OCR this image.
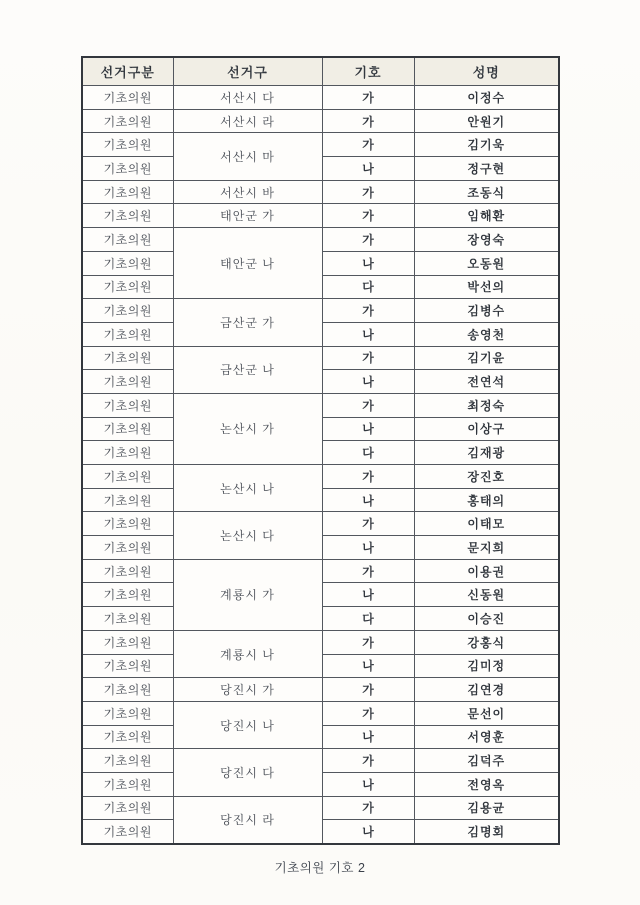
선거구분	선거구	기호	성명
기초의원	서산시 다	가	이정수
기초의원	서산시 라	가	안원기
기초의원	서산시 마	가	김기욱
기초의원		나	정구현
기초의원	서산시 바	가	조동식
기초의원	태안군 가	가	임해환
기초의원	태안군 나	가	장영숙
기초의원		나	오동원
기초의원		다	박선의
기초의원	금산군 가	가	김병수
기초의원		나	송영천
기초의원	금산군 나	가	김기윤
기초의원		나	전연석
기초의원	논산시 가	가	최정숙
기초의원		나	이상구
기초의원		다	김재광
기초의원	논산시 나	가	장진호
기초의원		나	홍태의
기초의원	논산시 다	가	이태모
기초의원		나	문지희
기초의원	계룡시 가	가	이용권
기초의원		나	신동원
기초의원		다	이승진
기초의원	계룡시 나	가	강홍식
기초의원		나	김미정
기초의원	당진시 가	가	김연경
기초의원	당진시 나	가	문선이
기초의원		나	서영훈
기초의원	당진시 다	가	김덕주
기초의원		나	전영옥
기초의원	당진시 라	가	김용균
기초의원		나	김명회
기초의원 기호 2
